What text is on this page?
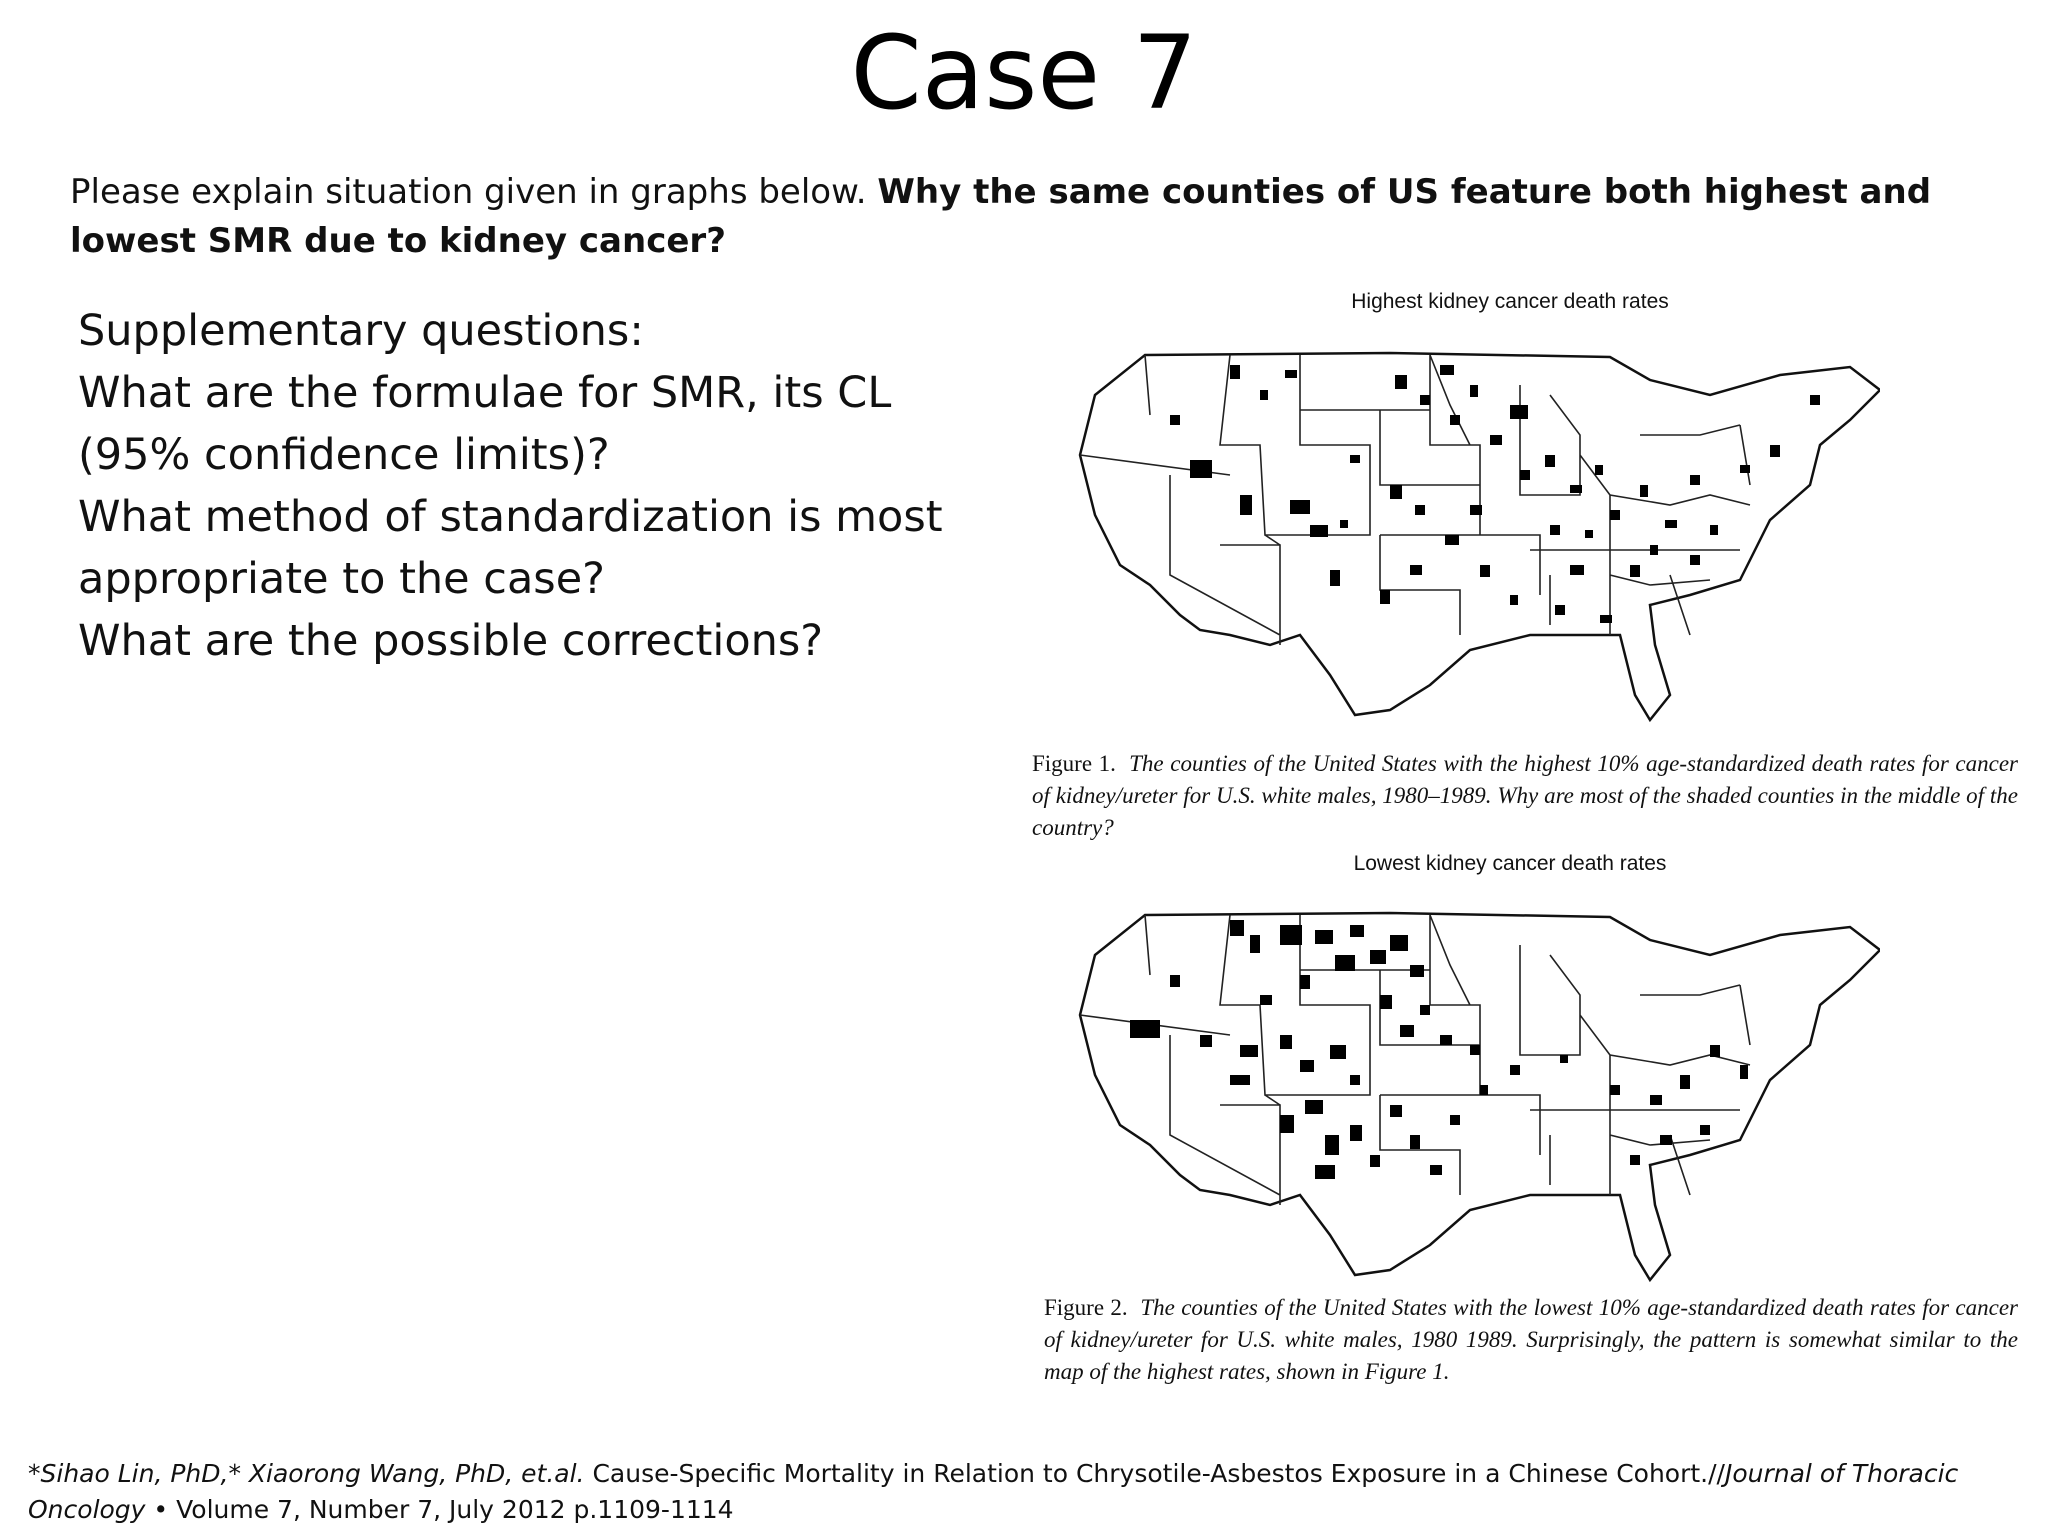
Case 7
Please explain situation given in graphs below. Why the same counties of US feature both highest and lowest SMR due to kidney cancer?
Supplementary questions:
What are the formulae for SMR, its CL (95% confidence limits)?
What method of standardization is most appropriate to the case?
What are the possible corrections?
Highest kidney cancer death rates
Figure 1. The counties of the United States with the highest 10% age-standardized death rates for cancer of kidney/ureter for U.S. white males, 1980–1989. Why are most of the shaded counties in the middle of the country?
Lowest kidney cancer death rates
Figure 2. The counties of the United States with the lowest 10% age-standardized death rates for cancer of kidney/ureter for U.S. white males, 1980 1989. Surprisingly, the pattern is somewhat similar to the map of the highest rates, shown in Figure 1.
*Sihao Lin, PhD,* Xiaorong Wang, PhD, et.al. Cause-Specific Mortality in Relation to Chrysotile-Asbestos Exposure in a Chinese Cohort.//Journal of Thoracic Oncology • Volume 7, Number 7, July 2012 p.1109-1114
